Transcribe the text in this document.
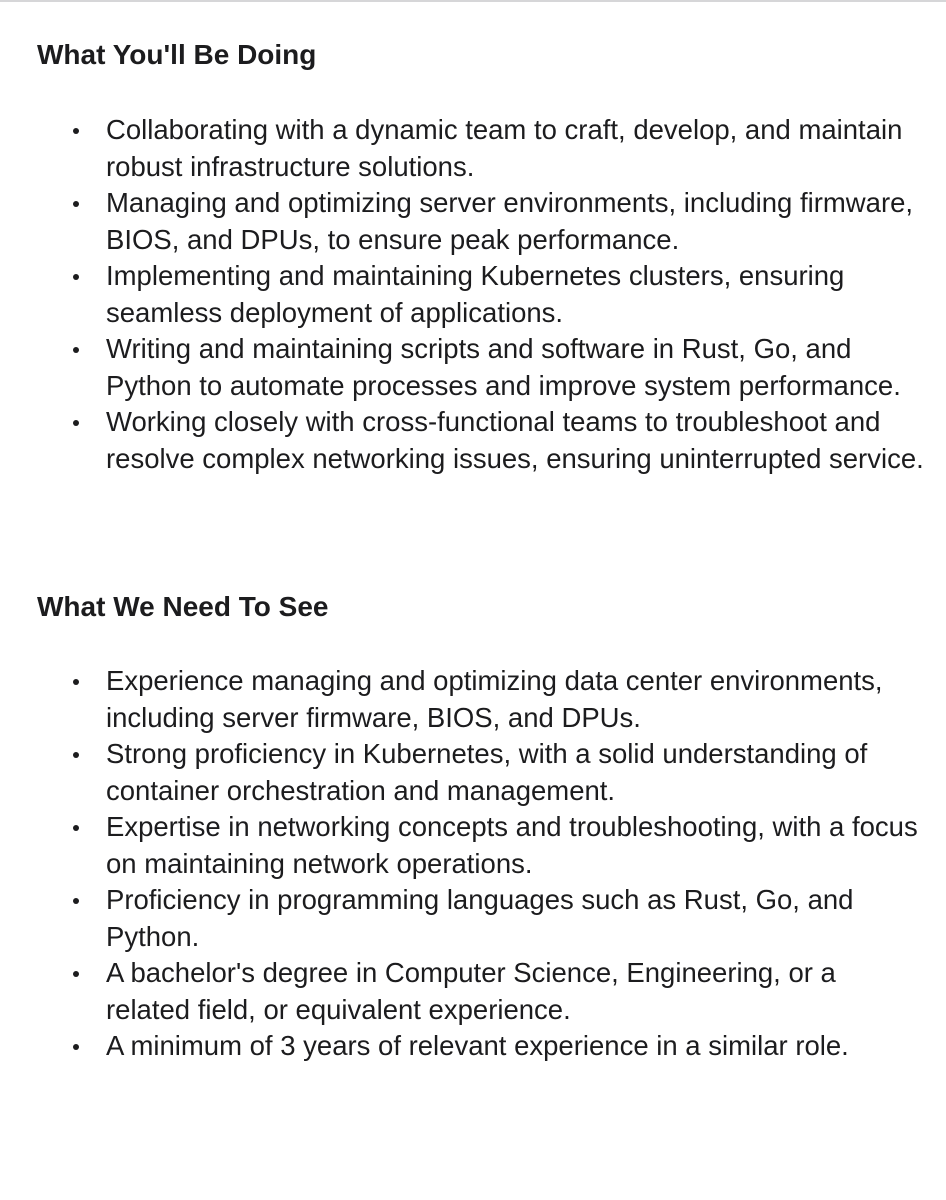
What You'll Be Doing
Collaborating with a dynamic team to craft, develop, and maintain robust infrastructure solutions.
Managing and optimizing server environments, including firmware, BIOS, and DPUs, to ensure peak performance.
Implementing and maintaining Kubernetes clusters, ensuring seamless deployment of applications.
Writing and maintaining scripts and software in Rust, Go, and Python to automate processes and improve system performance.
Working closely with cross-functional teams to troubleshoot and resolve complex networking issues, ensuring uninterrupted service.
What We Need To See
Experience managing and optimizing data center environments, including server firmware, BIOS, and DPUs.
Strong proficiency in Kubernetes, with a solid understanding of container orchestration and management.
Expertise in networking concepts and troubleshooting, with a focus on maintaining network operations.
Proficiency in programming languages such as Rust, Go, and Python.
A bachelor's degree in Computer Science, Engineering, or a related field, or equivalent experience.
A minimum of 3 years of relevant experience in a similar role.
